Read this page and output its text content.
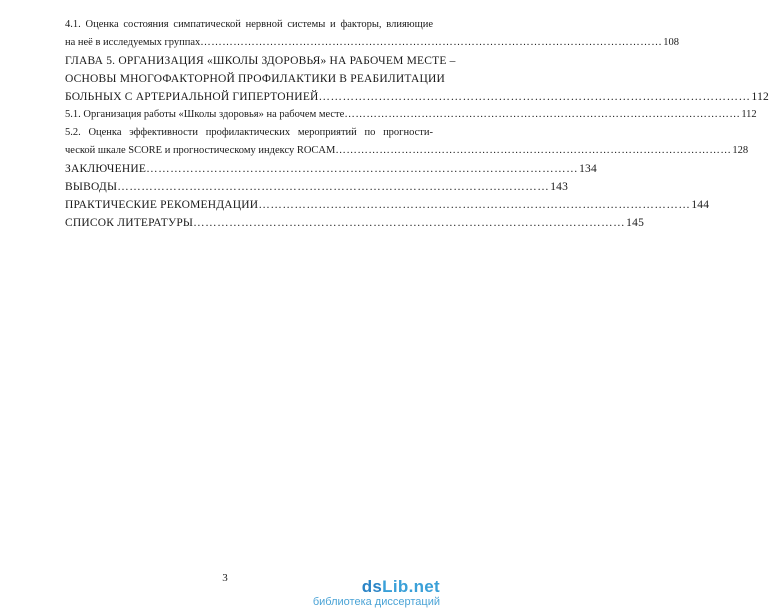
4.1. Оценка состояния симпатической нервной системы и факторы, влияющие
на неё в исследуемых группах ……………………………………………………………………………………………………………… 108
ГЛАВА 5. ОРГАНИЗАЦИЯ «ШКОЛЫ ЗДОРОВЬЯ» НА РАБОЧЕМ МЕСТЕ –
ОСНОВЫ МНОГОФАКТОРНОЙ ПРОФИЛАКТИКИ В РЕАБИЛИТАЦИИ
БОЛЬНЫХ С АРТЕРИАЛЬНОЙ ГИПЕРТОНИЕЙ ……………………………………………………………………………………………… 112
5.1. Организация работы «Школы здоровья» на рабочем месте ……………………………………………………………………………………………… 112
5.2. Оценка эффективности профилактических мероприятий по прогности-
ческой шкале SCORE и прогностическому индексу ROCAM ……………………………………………………………………………………………… 128
ЗАКЛЮЧЕНИЕ ……………………………………………………………………………………………… 134
ВЫВОДЫ ……………………………………………………………………………………………… 143
ПРАКТИЧЕСКИЕ РЕКОМЕНДАЦИИ ……………………………………………………………………………………………… 144
СПИСОК ЛИТЕРАТУРЫ ……………………………………………………………………………………………… 145
3	dsLib.net
библиотека диссертаций
